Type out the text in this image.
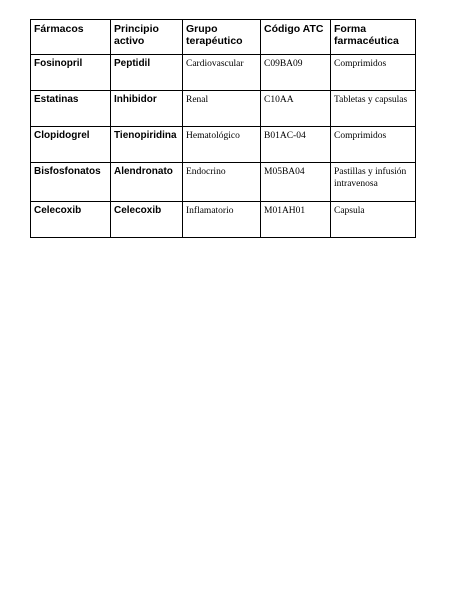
Fármacos	Principio activo	Grupo terapéutico	Código ATC	Forma farmacéutica
Fosinopril	Peptidil	Cardiovascular	C09BA09	Comprimidos
Estatinas	Inhibidor	Renal	C10AA	Tabletas y capsulas
Clopidogrel	Tienopiridina	Hematológico	B01AC-04	Comprimidos
Bisfosfonatos	Alendronato	Endocrino	M05BA04	Pastillas y infusión intravenosa
Celecoxib	Celecoxib	Inflamatorio	M01AH01	Capsula
